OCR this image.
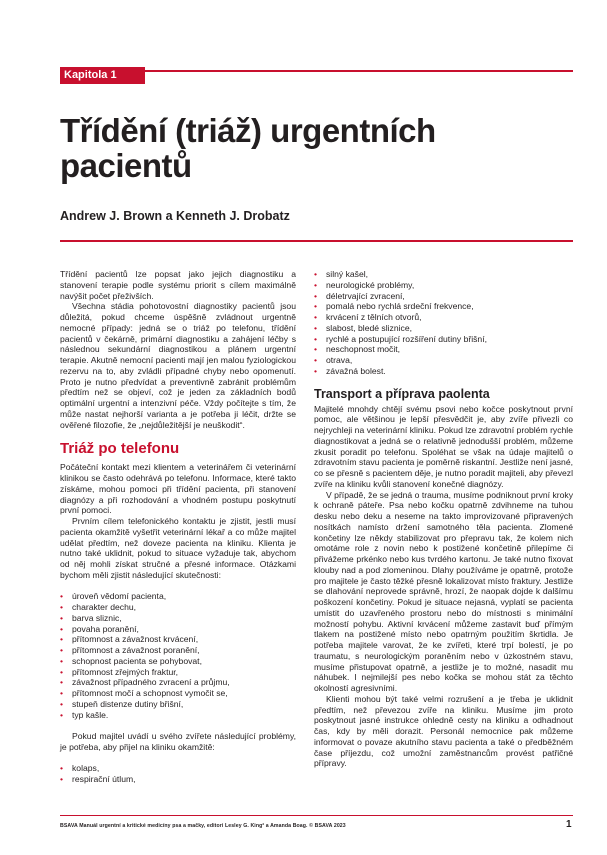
Kapitola 1
Třídění (triáž) urgentních pacientů
Andrew J. Brown a Kenneth J. Drobatz

Třídění pacientů lze popsat jako jejich diagnostiku a stanovení terapie podle systému priorit s cílem maximálně navýšit počet přeživších.

Všechna stádia pohotovostní diagnostiky pacientů jsou důležitá, pokud chceme úspěšně zvládnout urgentně nemocné případy: jedná se o triáž po telefonu, třídění pacientů v čekárně, primární diagnostiku a zahájení léčby s následnou sekundární diagnostikou a plánem urgentní terapie. Akutně nemocní pacienti mají jen malou fyziologickou rezervu na to, aby zvládli případné chyby nebo opomenutí. Proto je nutno předvídat a preventivně zabránit problémům předtím než se objeví, což je jeden za základních bodů optimální urgentní a intenzivní péče. Vždy počítejte s tím, že může nastat nejhorší varianta a je potřeba ji léčit, držte se ověřené filozofie, že „nejdůležitější je neuškodit“.

Triáž po telefonu

Počáteční kontakt mezi klientem a veterinářem či veterinární klinikou se často odehrává po telefonu. Informace, které takto získáme, mohou pomoci při třídění pacienta, při stanovení diagnózy a při rozhodování a vhodném postupu poskytnutí první pomoci.

Prvním cílem telefonického kontaktu je zjistit, jestli musí pacienta okamžitě vyšetřit veterinární lékař a co může majitel udělat předtím, než doveze pacienta na kliniku. Klienta je nutno také uklidnit, pokud to situace vyžaduje tak, abychom od něj mohli získat stručné a přesné informace. Otázkami bychom měli zjistit následující skutečnosti:

• úroveň vědomí pacienta,
• charakter dechu,
• barva sliznic,
• povaha poranění,
• přítomnost a závažnost krvácení,
• přítomnost a závažnost poranění,
• schopnost pacienta se pohybovat,
• přítomnost zřejmých fraktur,
• závažnost případného zvracení a průjmu,
• přítomnost močí a schopnost vymočit se,
• stupeň distenze dutiny břišní,
• typ kašle.

Pokud majitel uvádí u svého zvířete následující problémy, je potřeba, aby přijel na kliniku okamžitě:

• kolaps,
• respirační útlum,
• silný kašel,
• neurologické problémy,
• déletrvající zvracení,
• pomalá nebo rychlá srdeční frekvence,
• krvácení z tělních otvorů,
• slabost, bledé sliznice,
• rychlé a postupující rozšíření dutiny břišní,
• neschopnost močit,
• otrava,
• závažná bolest.
Transport a příprava paolenta

Majitelé mnohdy chtějí svému psovi nebo kočce poskytnout první pomoc, ale většinou je lepší přesvědčit je, aby zvíře přivezli co nejrychleji na veterinární kliniku. Pokud lze zdravotní problém rychle diagnostikovat a jedná se o relativně jednodušší problém, můžeme zkusit poradit po telefonu. Spoléhat se však na údaje majitelů o zdravotním stavu pacienta je poměrně riskantní. Jestliže není jasné, co se přesně s pacientem děje, je nutno poradit majiteli, aby převezl zvíře na kliniku kvůli stanovení konečné diagnózy.

V případě, že se jedná o trauma, musíme podniknout první kroky k ochraně páteře. Psa nebo kočku opatrně zdvihneme na tuhou desku nebo deku a neseme na takto improvizované připravených nosítkách namísto držení samotného těla pacienta. Zlomené končetiny lze někdy stabilizovat pro přepravu tak, že kolem nich omotáme role z novin nebo k postižené končetině přilepíme či přivážeme prkénko nebo kus tvrdého kartonu. Je také nutno fixovat klouby nad a pod zlomeninou. Dlahy používáme je opatrně, protože pro majitele je často těžké přesně lokalizovat místo fraktury. Jestliže se dlahování neprovede správně, hrozí, že naopak dojde k dalšímu poškození končetiny. Pokud je situace nejasná, vyplatí se pacienta umístit do uzavřeného prostoru nebo do místnosti s minimální možností pohybu. Aktivní krvácení můžeme zastavit buď přímým tlakem na postižené místo nebo opatrným použitím škrtidla. Je potřeba majitele varovat, že ke zvířeti, které trpí bolestí, je po traumatu, s neurologickým poraněním nebo v úzkostném stavu, musíme přistupovat opatrně, a jestliže je to možné, nasadit mu náhubek. I nejmilejší pes nebo kočka se mohou stát za těchto okolností agresivními.

Klienti mohou být také velmi rozrušení a je třeba je uklidnit předtím, než převezou zvíře na kliniku. Musíme jim proto poskytnout jasné instrukce ohledně cesty na kliniku a odhadnout čas, kdy by měli dorazit. Personál nemocnice pak můžeme informovat o povaze akutního stavu pacienta a také o předběžném čase příjezdu, což umožní zaměstnancům provést patřičné přípravy.

BSAVA Manuál urgentní a kritické medicíny psa a mačky, editori Lesley G. King² a Amanda Boag. © BSAVA 2023	1
